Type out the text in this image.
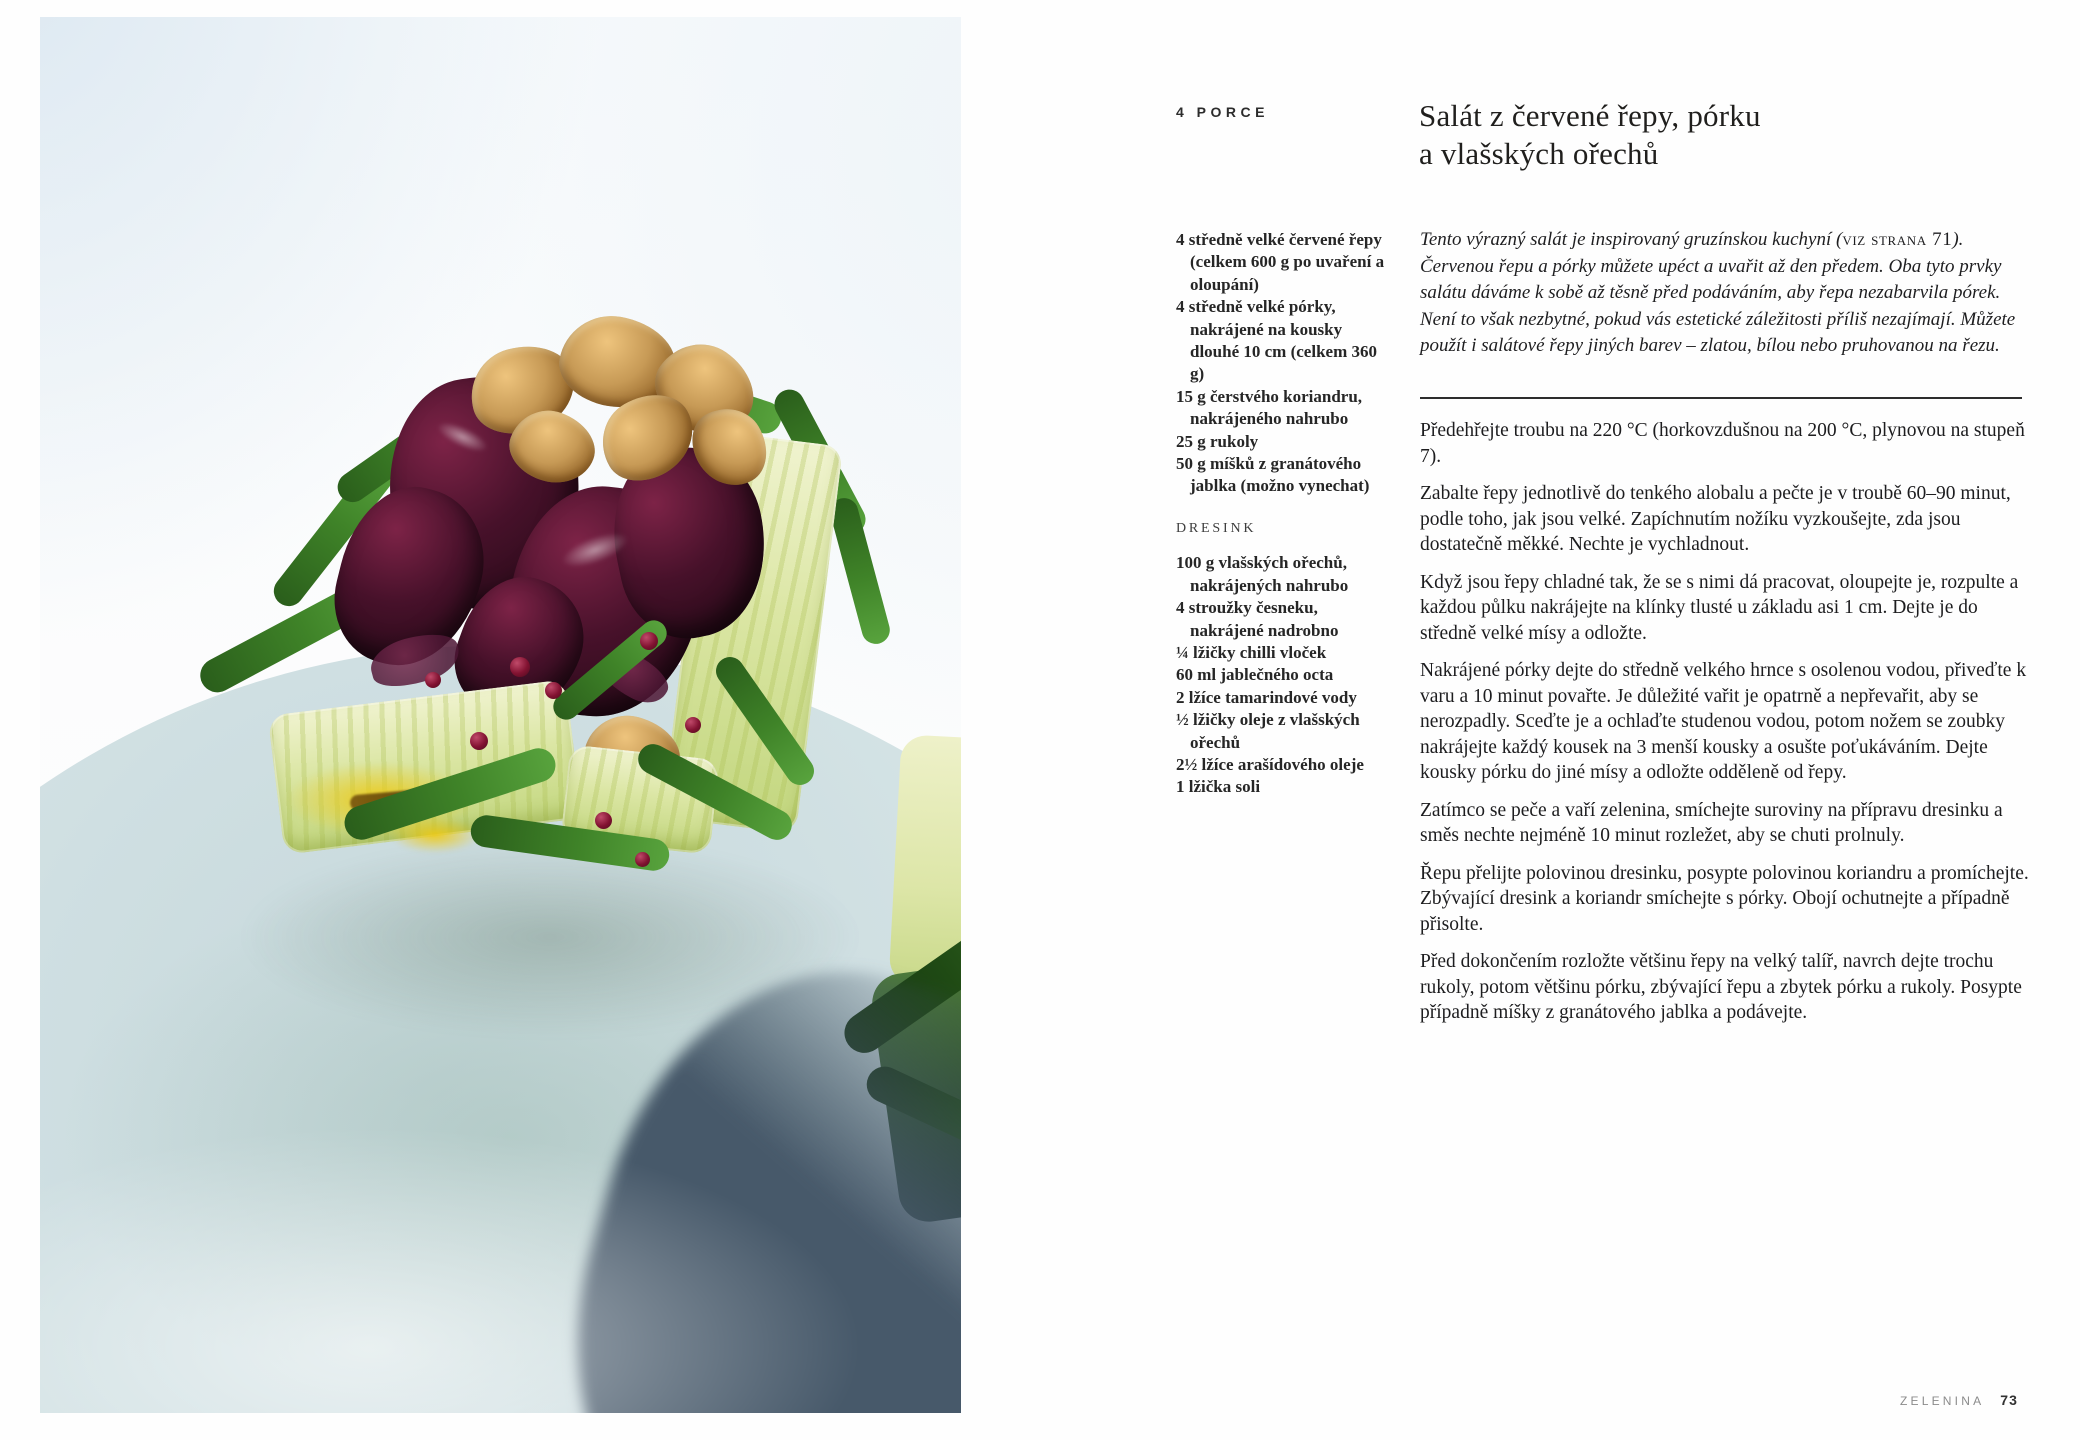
4 PORCE	Salát z červené řepy, pórku
a vlašských ořechů
4 středně velké červené řepy (celkem 600 g po uvaření a oloupání)
4 středně velké pórky, nakrájené na kousky dlouhé 10 cm (celkem 360 g)
15 g čerstvého koriandru, nakrájeného nahrubo
25 g rukoly
50 g míšků z granátového jablka (možno vynechat)
DRESINK
100 g vlašských ořechů, nakrájených nahrubo
4 stroužky česneku, nakrájené nadrobno
¼ lžičky chilli vloček
60 ml jablečného octa
2 lžíce tamarindové vody
½ lžičky oleje z vlašských ořechů
2½ lžíce arašídového oleje
1 lžička soli

Tento výrazný salát je inspirovaný gruzínskou kuchyní (viz strana 71). Červenou řepu a pórky můžete upéct a uvařit až den předem. Oba tyto prvky salátu dáváme k sobě až těsně před podáváním, aby řepa nezabarvila pórek. Není to však nezbytné, pokud vás estetické záležitosti příliš nezajímají. Můžete použít i salátové řepy jiných barev – zlatou, bílou nebo pruhovanou na řezu.

Předehřejte troubu na 220 °C (horkovzdušnou na 200 °C, plynovou na stupeň 7).

Zabalte řepy jednotlivě do tenkého alobalu a pečte je v troubě 60–90 minut, podle toho, jak jsou velké. Zapíchnutím nožíku vyzkoušejte, zda jsou dostatečně měkké. Nechte je vychladnout.

Když jsou řepy chladné tak, že se s nimi dá pracovat, oloupejte je, rozpulte a každou půlku nakrájejte na klínky tlusté u základu asi 1 cm. Dejte je do středně velké mísy a odložte.

Nakrájené pórky dejte do středně velkého hrnce s osolenou vodou, přiveďte k varu a 10 minut povařte. Je důležité vařit je opatrně a nepřevařit, aby se nerozpadly. Sceďte je a ochlaďte studenou vodou, potom nožem se zoubky nakrájejte každý kousek na 3 menší kousky a osušte poťukáváním. Dejte kousky pórku do jiné mísy a odložte odděleně od řepy.

Zatímco se peče a vaří zelenina, smíchejte suroviny na přípravu dresinku a směs nechte nejméně 10 minut rozležet, aby se chuti prolnuly.

Řepu přelijte polovinou dresinku, posypte polovinou koriandru a promíchejte. Zbývající dresink a koriandr smíchejte s pórky. Obojí ochutnejte a případně přisolte.

Před dokončením rozložte většinu řepy na velký talíř, navrch dejte trochu rukoly, potom většinu pórku, zbývající řepu a zbytek pórku a rukoly. Posypte případně míšky z granátového jablka a podávejte.

ZELENINA 73
